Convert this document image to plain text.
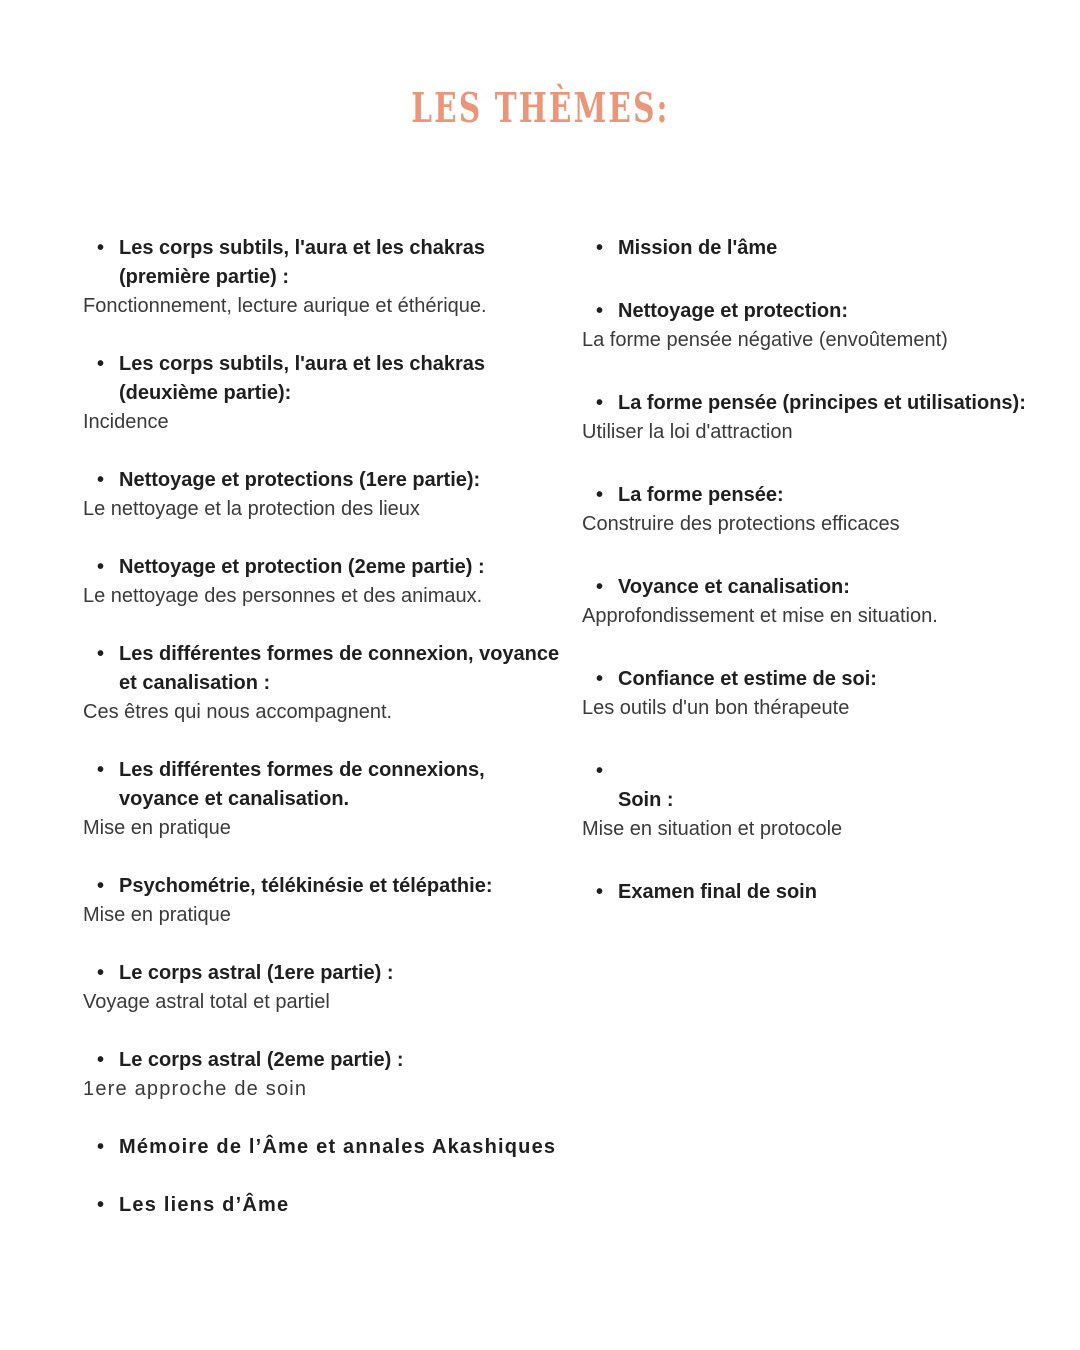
LES THÈMES:
• Les corps subtils, l'aura et les chakras
(première partie) :
Fonctionnement, lecture aurique et éthérique.
• Les corps subtils, l'aura et les chakras
(deuxième partie):
Incidence
• Nettoyage et protections (1ere partie):
Le nettoyage et la protection des lieux
• Nettoyage et protection (2eme partie) :
Le nettoyage des personnes et des animaux.
• Les différentes formes de connexion, voyance
et canalisation :
Ces êtres qui nous accompagnent.
• Les différentes formes de connexions,
voyance et canalisation.
Mise en pratique
• Psychométrie, télékinésie et télépathie:
Mise en pratique
• Le corps astral (1ere partie) :
Voyage astral total et partiel
• Le corps astral (2eme partie) :
1ere approche de soin
• Mémoire de l’Âme et annales Akashiques
• Les liens d’Âme
• Mission de l'âme
• Nettoyage et protection:
La forme pensée négative (envoûtement)
• La forme pensée (principes et utilisations):
Utiliser la loi d'attraction
• La forme pensée:
Construire des protections efficaces
• Voyance et canalisation:
Approfondissement et mise en situation.
• Confiance et estime de soi:
Les outils d'un bon thérapeute
•
Soin :
Mise en situation et protocole
• Examen final de soin
